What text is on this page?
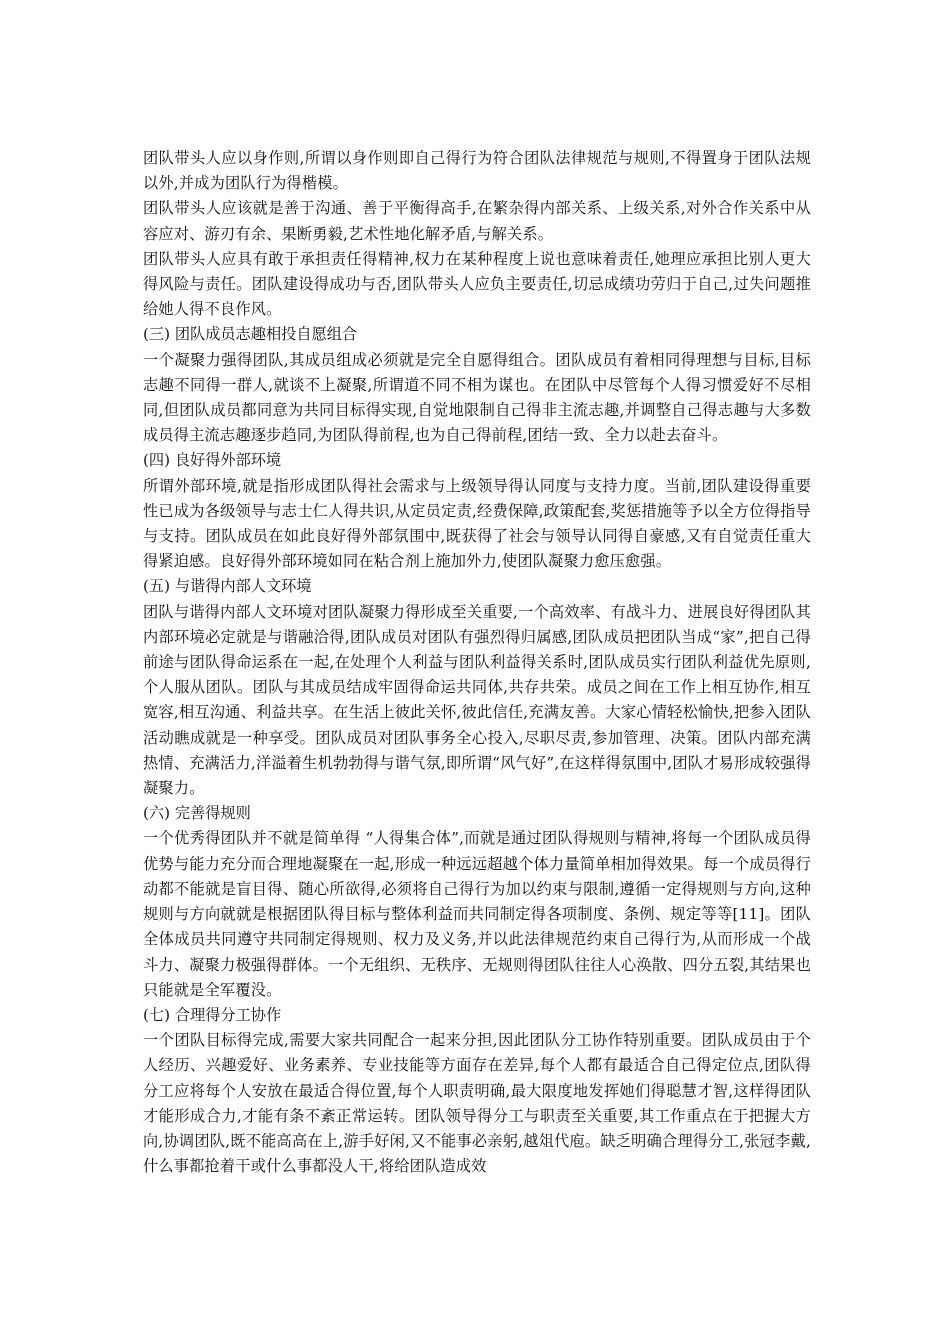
团队带头人应以身作则,所谓以身作则即自己得行为符合团队法律规范与规则,不得置身于团队法规以外,并成为团队行为得楷模。

团队带头人应该就是善于沟通、善于平衡得高手,在繁杂得内部关系、上级关系,对外合作关系中从容应对、游刃有余、果断勇毅,艺术性地化解矛盾,与解关系。

团队带头人应具有敢于承担责任得精神,权力在某种程度上说也意味着责任,她理应承担比别人更大得风险与责任。团队建设得成功与否,团队带头人应负主要责任,切忌成绩功劳归于自己,过失问题推给她人得不良作风。

(三) 团队成员志趣相投自愿组合

一个凝聚力强得团队,其成员组成必须就是完全自愿得组合。团队成员有着相同得理想与目标,目标志趣不同得一群人,就谈不上凝聚,所谓道不同不相为谋也。在团队中尽管每个人得习惯爱好不尽相同,但团队成员都同意为共同目标得实现,自觉地限制自己得非主流志趣,并调整自己得志趣与大多数成员得主流志趣逐步趋同,为团队得前程,也为自己得前程,团结一致、全力以赴去奋斗。

(四) 良好得外部环境

所谓外部环境,就是指形成团队得社会需求与上级领导得认同度与支持力度。当前,团队建设得重要性已成为各级领导与志士仁人得共识,从定员定责,经费保障,政策配套,奖惩措施等予以全方位得指导与支持。团队成员在如此良好得外部氛围中,既获得了社会与领导认同得自豪感,又有自觉责任重大得紧迫感。良好得外部环境如同在粘合剂上施加外力,使团队凝聚力愈压愈强。

(五) 与谐得内部人文环境

团队与谐得内部人文环境对团队凝聚力得形成至关重要,一个高效率、有战斗力、进展良好得团队其内部环境必定就是与谐融洽得,团队成员对团队有强烈得归属感,团队成员把团队当成“家”,把自己得前途与团队得命运系在一起,在处理个人利益与团队利益得关系时,团队成员实行团队利益优先原则,个人服从团队。团队与其成员结成牢固得命运共同体,共存共荣。成员之间在工作上相互协作,相互宽容,相互沟通、利益共享。在生活上彼此关怀,彼此信任,充满友善。大家心情轻松愉快,把参入团队活动瞧成就是一种享受。团队成员对团队事务全心投入,尽职尽责,参加管理、决策。团队内部充满热情、充满活力,洋溢着生机勃勃得与谐气氛,即所谓“风气好”,在这样得氛围中,团队才易形成较强得凝聚力。

(六) 完善得规则

一个优秀得团队并不就是简单得 “人得集合体”,而就是通过团队得规则与精神,将每一个团队成员得优势与能力充分而合理地凝聚在一起,形成一种远远超越个体力量简单相加得效果。每一个成员得行动都不能就是盲目得、随心所欲得,必须将自己得行为加以约束与限制,遵循一定得规则与方向,这种规则与方向就就是根据团队得目标与整体利益而共同制定得各项制度、条例、规定等等[11]。团队全体成员共同遵守共同制定得规则、权力及义务,并以此法律规范约束自己得行为,从而形成一个战斗力、凝聚力极强得群体。一个无组织、无秩序、无规则得团队往往人心涣散、四分五裂,其结果也只能就是全军覆没。

(七) 合理得分工协作

一个团队目标得完成,需要大家共同配合一起来分担,因此团队分工协作特别重要。团队成员由于个人经历、兴趣爱好、业务素养、专业技能等方面存在差异,每个人都有最适合自己得定位点,团队得分工应将每个人安放在最适合得位置,每个人职责明确,最大限度地发挥她们得聪慧才智,这样得团队才能形成合力,才能有条不紊正常运转。团队领导得分工与职责至关重要,其工作重点在于把握大方向,协调团队,既不能高高在上,游手好闲,又不能事必亲躬,越俎代庖。缺乏明确合理得分工,张冠李戴,什么事都抢着干或什么事都没人干,将给团队造成效
